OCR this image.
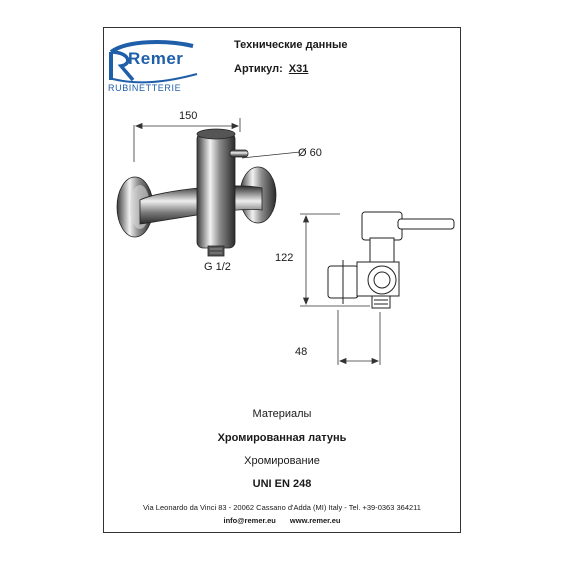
Remer
RUBINETTERIE
Технические данные
Артикул: X31
150
Ø 60
G 1/2
122
48
Материалы
Хромированная латунь
Хромирование
UNI EN 248
Via Leonardo da Vinci 83 - 20062 Cassano d'Adda (MI) Italy - Tel. +39-0363 364211
info@remer.eu www.remer.eu
